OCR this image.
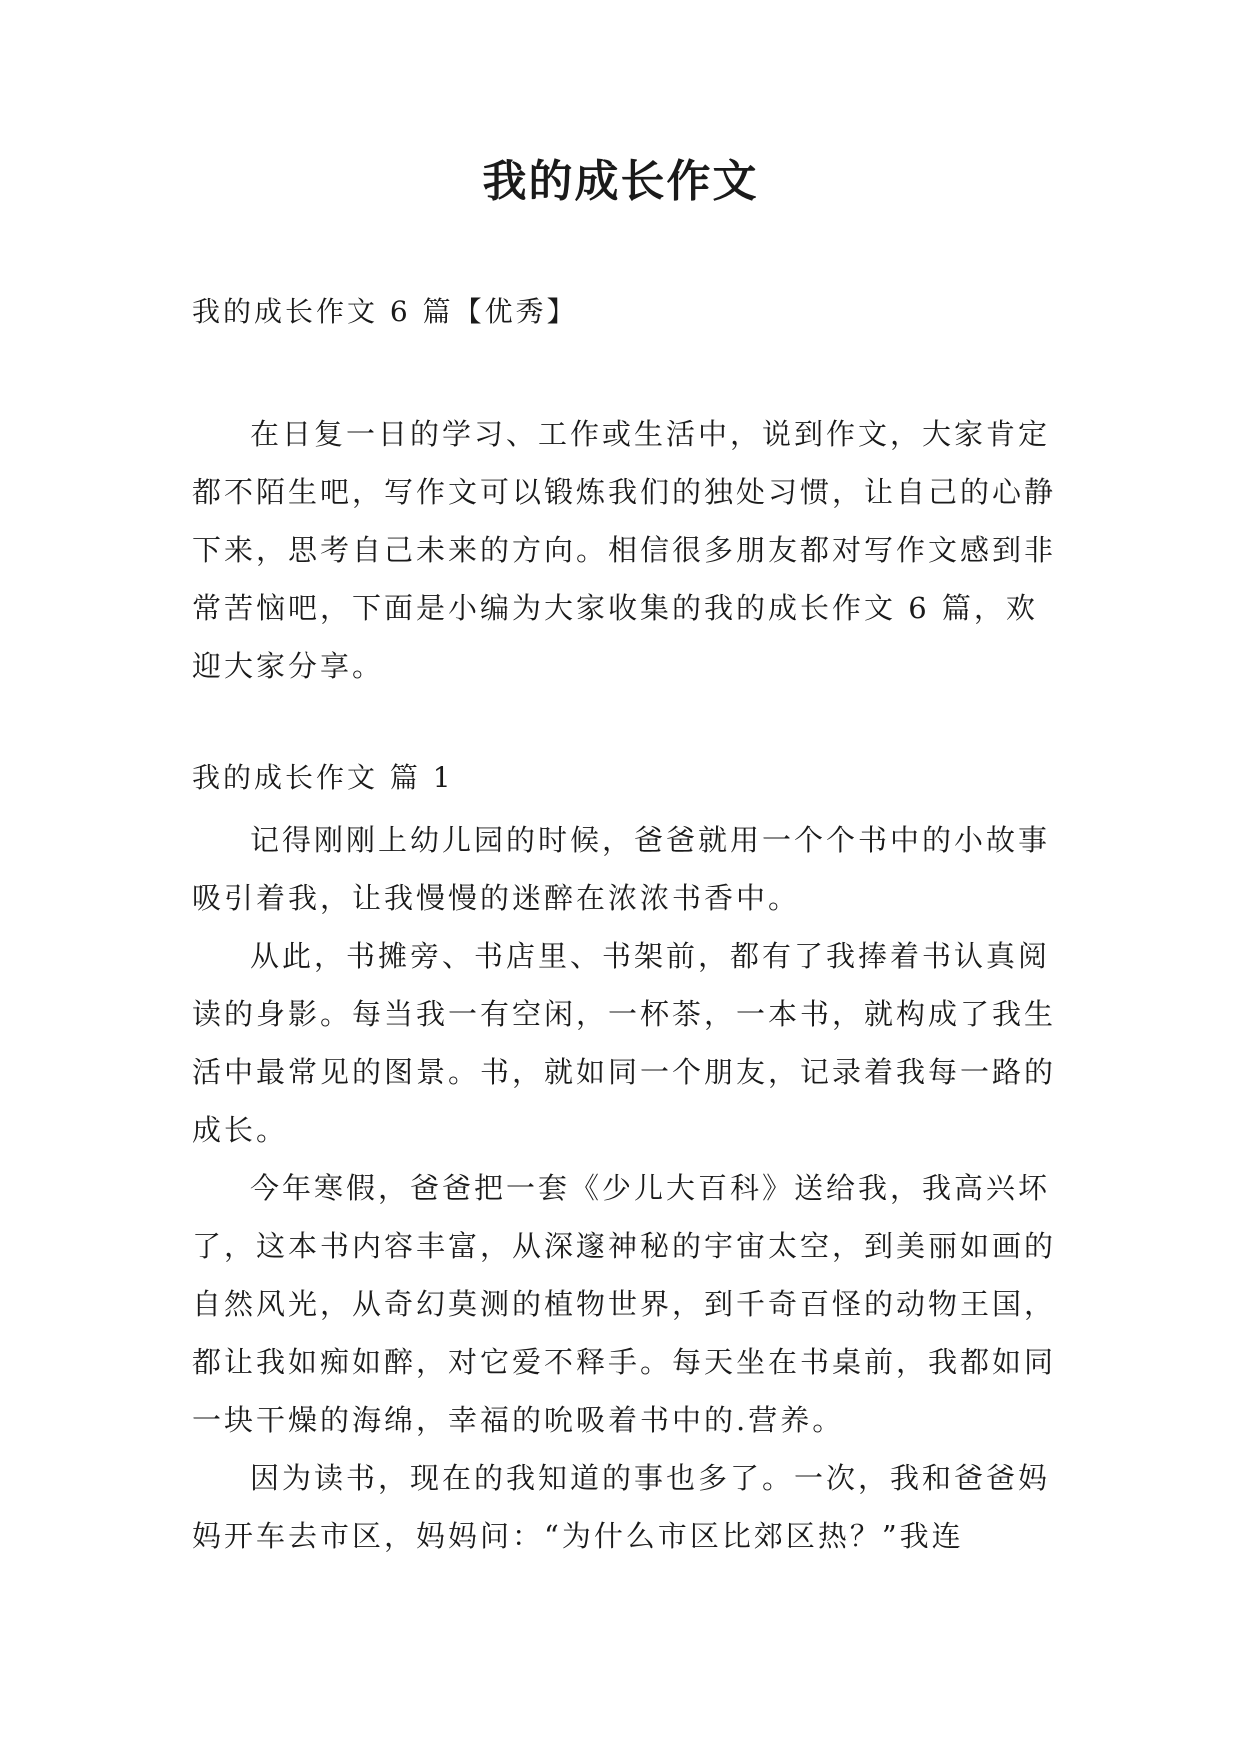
我的成长作文

我的成长作文 6 篇【优秀】

在日复一日的学习、工作或生活中，说到作文，大家肯定都不陌生吧，写作文可以锻炼我们的独处习惯，让自己的心静下来，思考自己未来的方向。相信很多朋友都对写作文感到非常苦恼吧，下面是小编为大家收集的我的成长作文 6 篇，欢迎大家分享。

我的成长作文 篇 1

记得刚刚上幼儿园的时候，爸爸就用一个个书中的小故事吸引着我，让我慢慢的迷醉在浓浓书香中。

从此，书摊旁、书店里、书架前，都有了我捧着书认真阅读的身影。每当我一有空闲，一杯茶，一本书，就构成了我生活中最常见的图景。书，就如同一个朋友，记录着我每一路的成长。

今年寒假，爸爸把一套《少儿大百科》送给我，我高兴坏了，这本书内容丰富，从深邃神秘的宇宙太空，到美丽如画的自然风光，从奇幻莫测的植物世界，到千奇百怪的动物王国，都让我如痴如醉，对它爱不释手。每天坐在书桌前，我都如同一块干燥的海绵，幸福的吮吸着书中的.营养。

因为读书，现在的我知道的事也多了。一次，我和爸爸妈妈开车去市区，妈妈问：“为什么市区比郊区热？”我连
